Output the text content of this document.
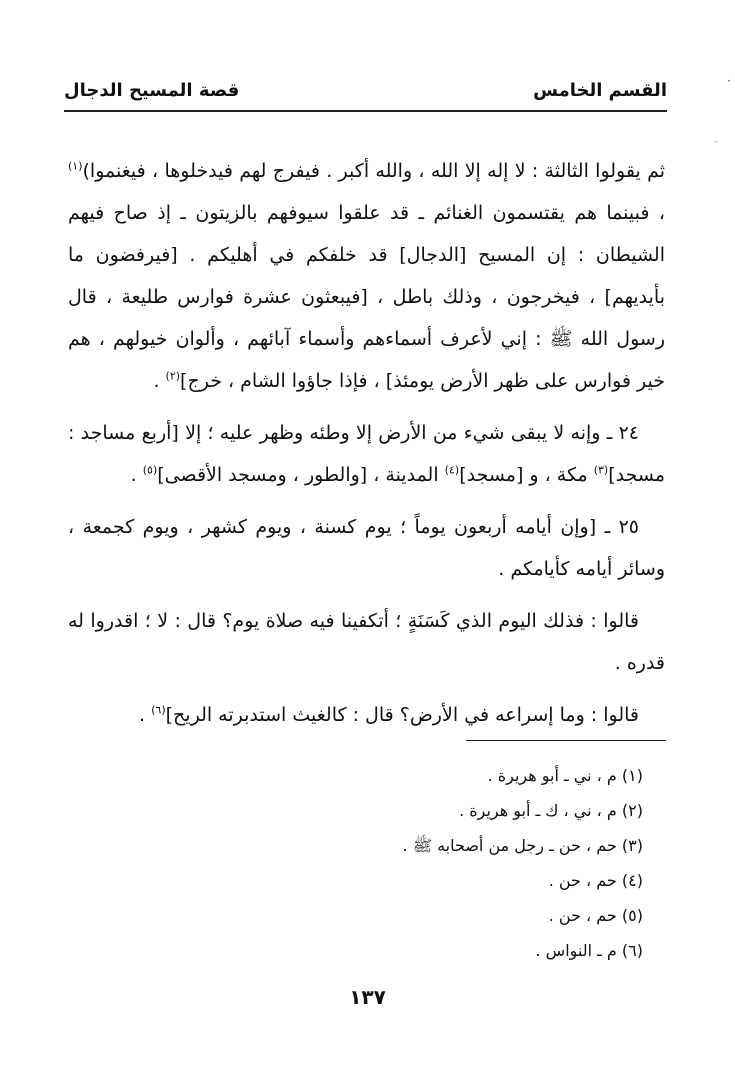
القسم الخامس
قصة المسيح الدجال	·

ثم يقولوا الثالثة : لا إله إلا الله ، والله أكبر . فيفرج لهم فيدخلوها ، فيغنموا)$^{(١)}$ ، فبينما هم يقتسمون الغنائم ـ قد علقوا سيوفهم بالزيتون ـ إذ صاح فيهم الشيطان : إن المسيح [الدجال] قد خلفكم في أهليكم . [فيرفضون ما بأيديهم] ، فيخرجون ، وذلك باطل ، [فيبعثون عشرة فوارس طليعة ، قال رسول الله ﷺ : إني لأعرف أسماءهم وأسماء آبائهم ، وألوان خيولهم ، هم خير فوارس على ظهر الأرض يومئذ] ، فإذا جاؤوا الشام ، خرج]$^{(٢)}$ .

٢٤ ـ وإنه لا يبقى شيء من الأرض إلا وطئه وظهر عليه ؛ إلا [أربع مساجد : مسجد]$^{(٣)}$ مكة ، و [مسجد]$^{(٤)}$ المدينة ، [والطور ، ومسجد الأقصى]$^{(٥)}$ .

٢٥ ـ [وإن أيامه أربعون يوماً ؛ يوم كسنة ، ويوم كشهر ، ويوم كجمعة ، وسائر أيامه كأيامكم .

قالوا : فذلك اليوم الذي كَسَنَةٍ ؛ أتكفينا فيه صلاة يوم؟ قال : لا ؛ اقدروا له قدره .

قالوا : وما إسراعه في الأرض؟ قال : كالغيث استدبرته الريح]$^{(٦)}$ .

(١) م ، ني ـ أبو هريرة .
(٢) م ، ني ، ك ـ أبو هريرة .
(٣) حم ، حن ـ رجل من أصحابه ﷺ .
(٤) حم ، حن .
(٥) حم ، حن .
(٦) م ـ النواس .
١٣٧
